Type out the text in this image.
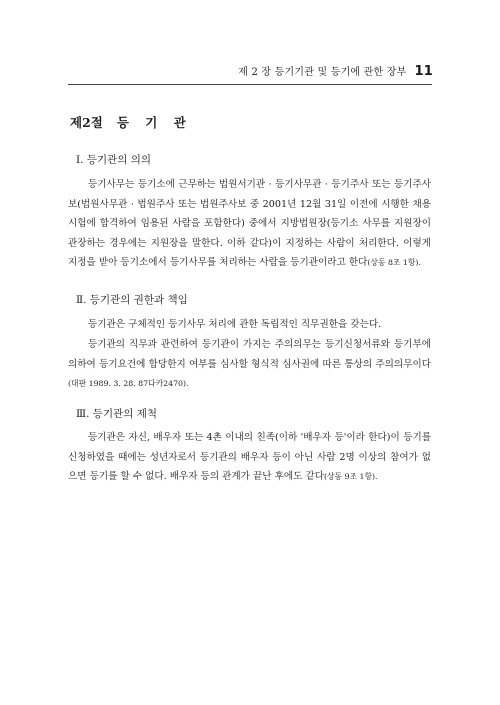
제 2 장 등기기관 및 등기에 관한 장부 11
제2절 등 기 관
Ⅰ. 등기관의 의의

등기사무는 등기소에 근무하는 법원서기관 · 등기사무관 · 등기주사 또는 등기주사보(법원사무관 · 법원주사 또는 법원주사보 중 2001년 12월 31일 이전에 시행한 채용시험에 합격하여 임용된 사람을 포함한다) 중에서 지방법원장(등기소 사무를 지원장이 관장하는 경우에는 지원장을 말한다. 이하 같다)이 지정하는 사람이 처리한다. 이렇게 지정을 받아 등기소에서 등기사무를 처리하는 사람을 등기관이라고 한다(상동 8조 1항).

Ⅱ. 등기관의 권한과 책임

등기관은 구체적인 등기사무 처리에 관한 독립적인 직무권한을 갖는다.

등기관의 직무과 관련하여 등기관이 가지는 주의의무는 등기신청서류와 등기부에 의하여 등기요건에 합당한지 여부를 심사할 형식적 심사권에 따른 통상의 주의의무이다(대판 1989. 3. 28. 87다카2470).

Ⅲ. 등기관의 제척

등기관은 자신, 배우자 또는 4촌 이내의 친족(이하 '배우자 등'이라 한다)이 등기를 신청하였을 때에는 성년자로서 등기관의 배우자 등이 아닌 사람 2명 이상의 참여가 없으면 등기를 할 수 없다. 배우자 등의 관계가 끝난 후에도 같다(상동 9조 1항).
